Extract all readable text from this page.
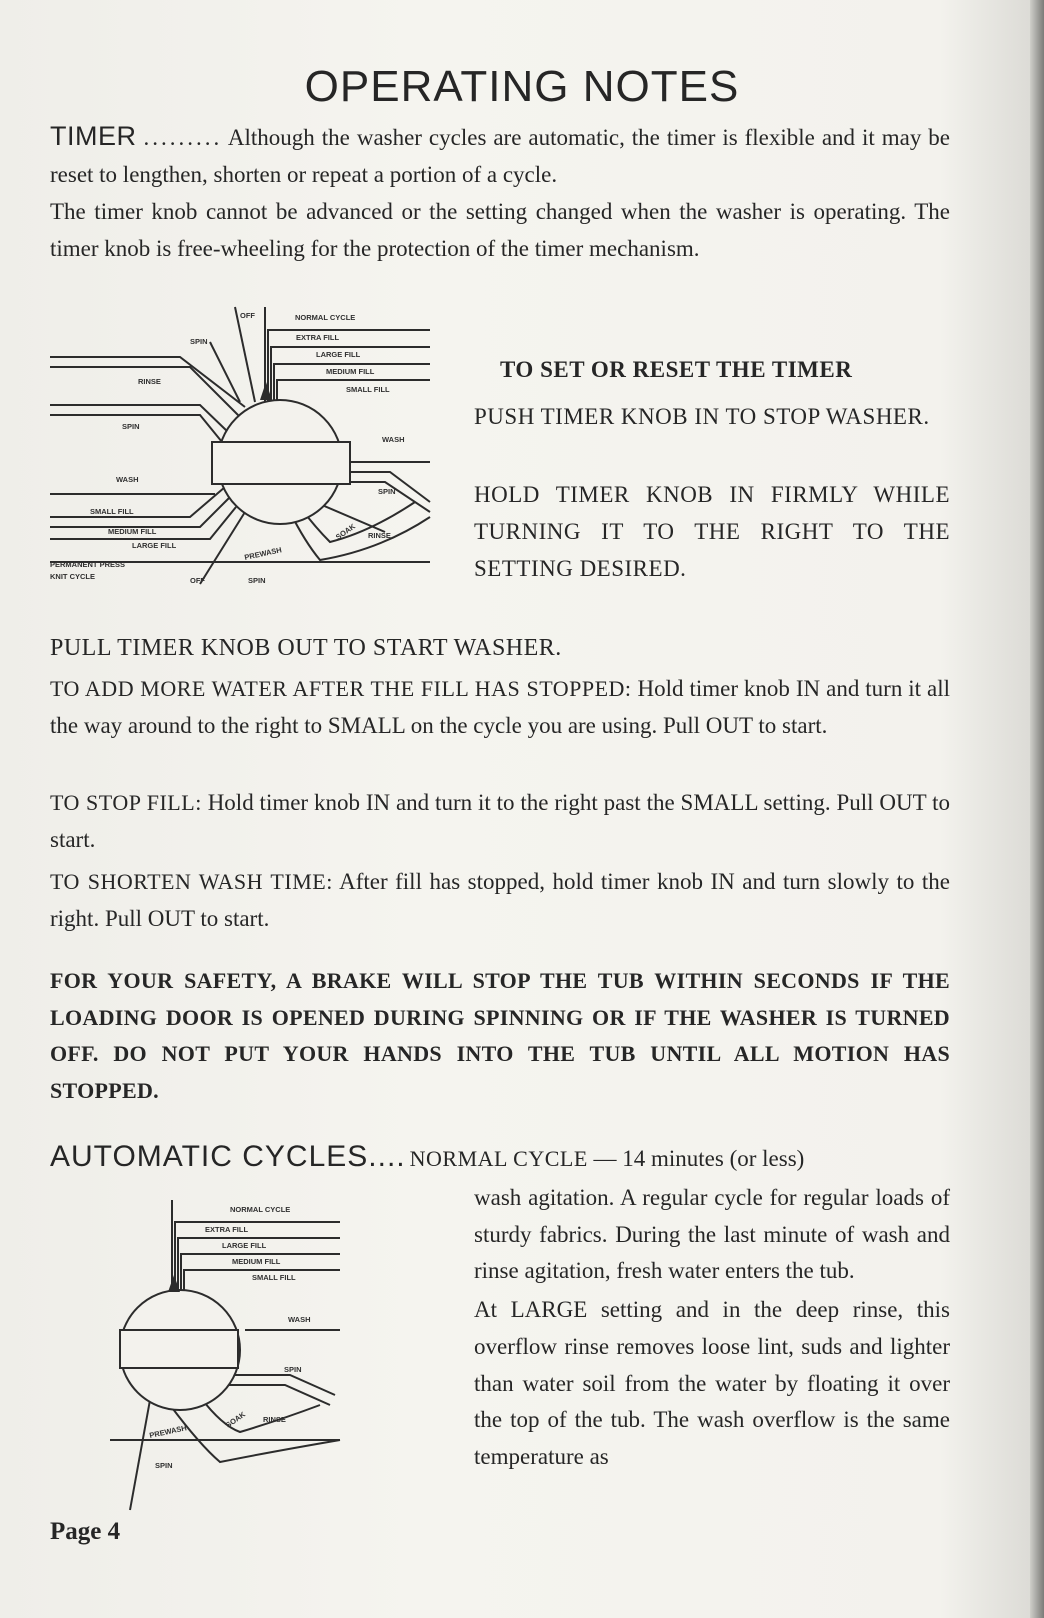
OPERATING NOTES

TIMER ......... Although the washer cycles are automatic, the timer is flexible and it may be reset to lengthen, shorten or repeat a portion of a cycle.

The timer knob cannot be advanced or the setting changed when the washer is operating. The timer knob is free-wheeling for the protection of the timer mechanism.

OFF	NORMAL CYCLE
SPIN	EXTRA FILL
LARGE FILL
MEDIUM FILL
SMALL FILL
RINSE
SPIN
WASH
WASH
SPIN
SMALL FILL
MEDIUM FILL
LARGE FILL
RINSE
SOAK
PREWASH
PERMANENT PRESS
KNIT CYCLE	OFF	SPIN

TO SET OR RESET THE TIMER

PUSH TIMER KNOB IN TO STOP WASHER.

HOLD TIMER KNOB IN FIRMLY WHILE TURNING IT TO THE RIGHT TO THE SETTING DESIRED.

PULL TIMER KNOB OUT TO START WASHER.

TO ADD MORE WATER AFTER THE FILL HAS STOPPED: Hold timer knob IN and turn it all the way around to the right to SMALL on the cycle you are using. Pull OUT to start.

TO STOP FILL: Hold timer knob IN and turn it to the right past the SMALL setting. Pull OUT to start.

TO SHORTEN WASH TIME: After fill has stopped, hold timer knob IN and turn slowly to the right. Pull OUT to start.

FOR YOUR SAFETY, A BRAKE WILL STOP THE TUB WITHIN SECONDS IF THE LOADING DOOR IS OPENED DURING SPINNING OR IF THE WASHER IS TURNED OFF. DO NOT PUT YOUR HANDS INTO THE TUB UNTIL ALL MOTION HAS STOPPED.

AUTOMATIC CYCLES.... NORMAL CYCLE — 14 minutes (or less)

NORMAL CYCLE
EXTRA FILL
LARGE FILL
MEDIUM FILL
SMALL FILL
WASH
SPIN
RINSE
SOAK
PREWASH
SPIN

wash agitation. A regular cycle for regular loads of sturdy fabrics. During the last minute of wash and rinse agitation, fresh water enters the tub.

At LARGE setting and in the deep rinse, this overflow rinse removes loose lint, suds and lighter than water soil from the water by floating it over the top of the tub. The wash overflow is the same temperature as

Page 4
